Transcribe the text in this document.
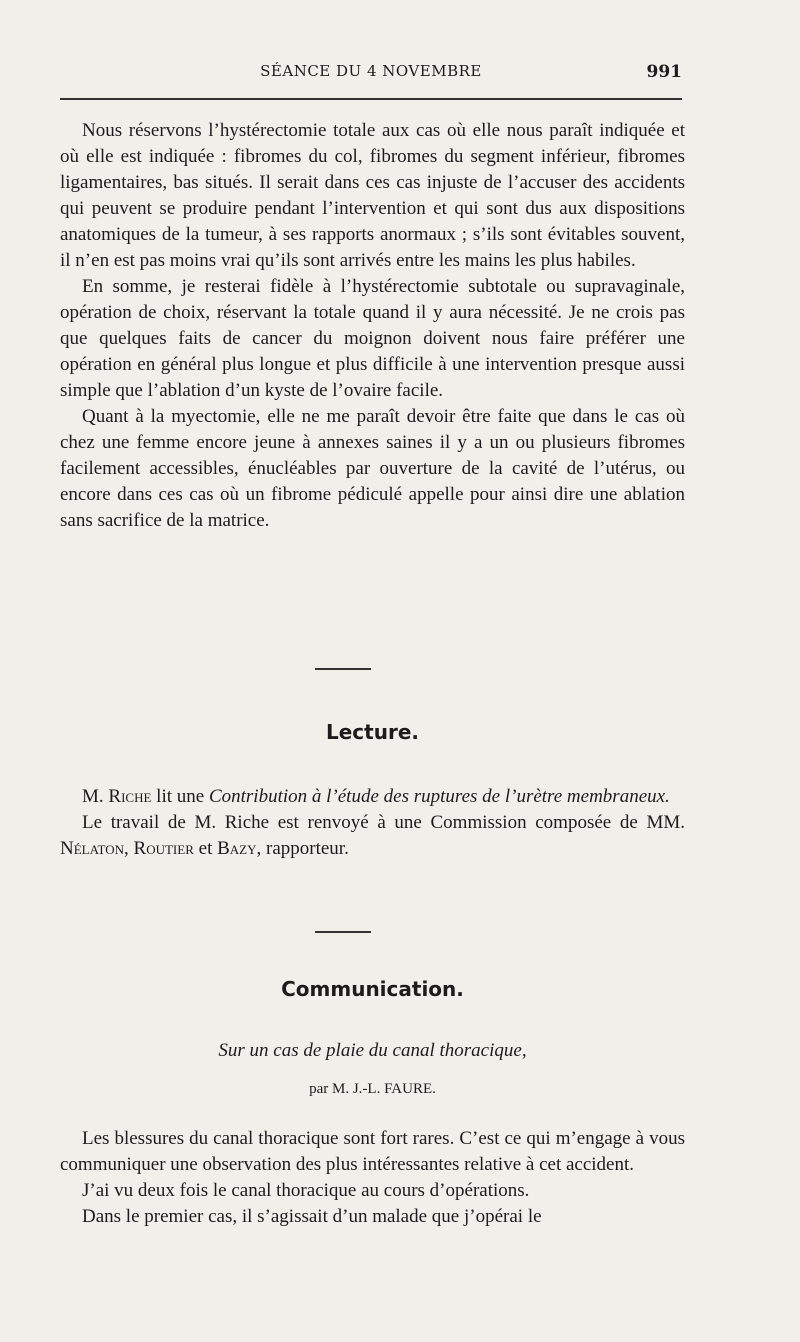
SÉANCE DU 4 NOVEMBRE	991

Nous réservons l’hystérectomie totale aux cas où elle nous paraît indiquée et où elle est indiquée : fibromes du col, fibromes du segment inférieur, fibromes ligamentaires, bas situés. Il serait dans ces cas injuste de l’accuser des accidents qui peuvent se produire pendant l’intervention et qui sont dus aux dispositions anatomiques de la tumeur, à ses rapports anormaux ; s’ils sont évitables souvent, il n’en est pas moins vrai qu’ils sont arrivés entre les mains les plus habiles.

En somme, je resterai fidèle à l’hystérectomie subtotale ou supravaginale, opération de choix, réservant la totale quand il y aura nécessité. Je ne crois pas que quelques faits de cancer du moignon doivent nous faire préférer une opération en général plus longue et plus difficile à une intervention presque aussi simple que l’ablation d’un kyste de l’ovaire facile.

Quant à la myectomie, elle ne me paraît devoir être faite que dans le cas où chez une femme encore jeune à annexes saines il y a un ou plusieurs fibromes facilement accessibles, énucléables par ouverture de la cavité de l’utérus, ou encore dans ces cas où un fibrome pédiculé appelle pour ainsi dire une ablation sans sacrifice de la matrice.

Lecture.

M. Riche lit une Contribution à l’étude des ruptures de l’urètre membraneux.

Le travail de M. Riche est renvoyé à une Commission composée de MM. Nélaton, Routier et Bazy, rapporteur.

Communication.
Sur un cas de plaie du canal thoracique,
par M. J.-L. FAURE.

Les blessures du canal thoracique sont fort rares. C’est ce qui m’engage à vous communiquer une observation des plus intéressantes relative à cet accident.

J’ai vu deux fois le canal thoracique au cours d’opérations.

Dans le premier cas, il s’agissait d’un malade que j’opérai le
